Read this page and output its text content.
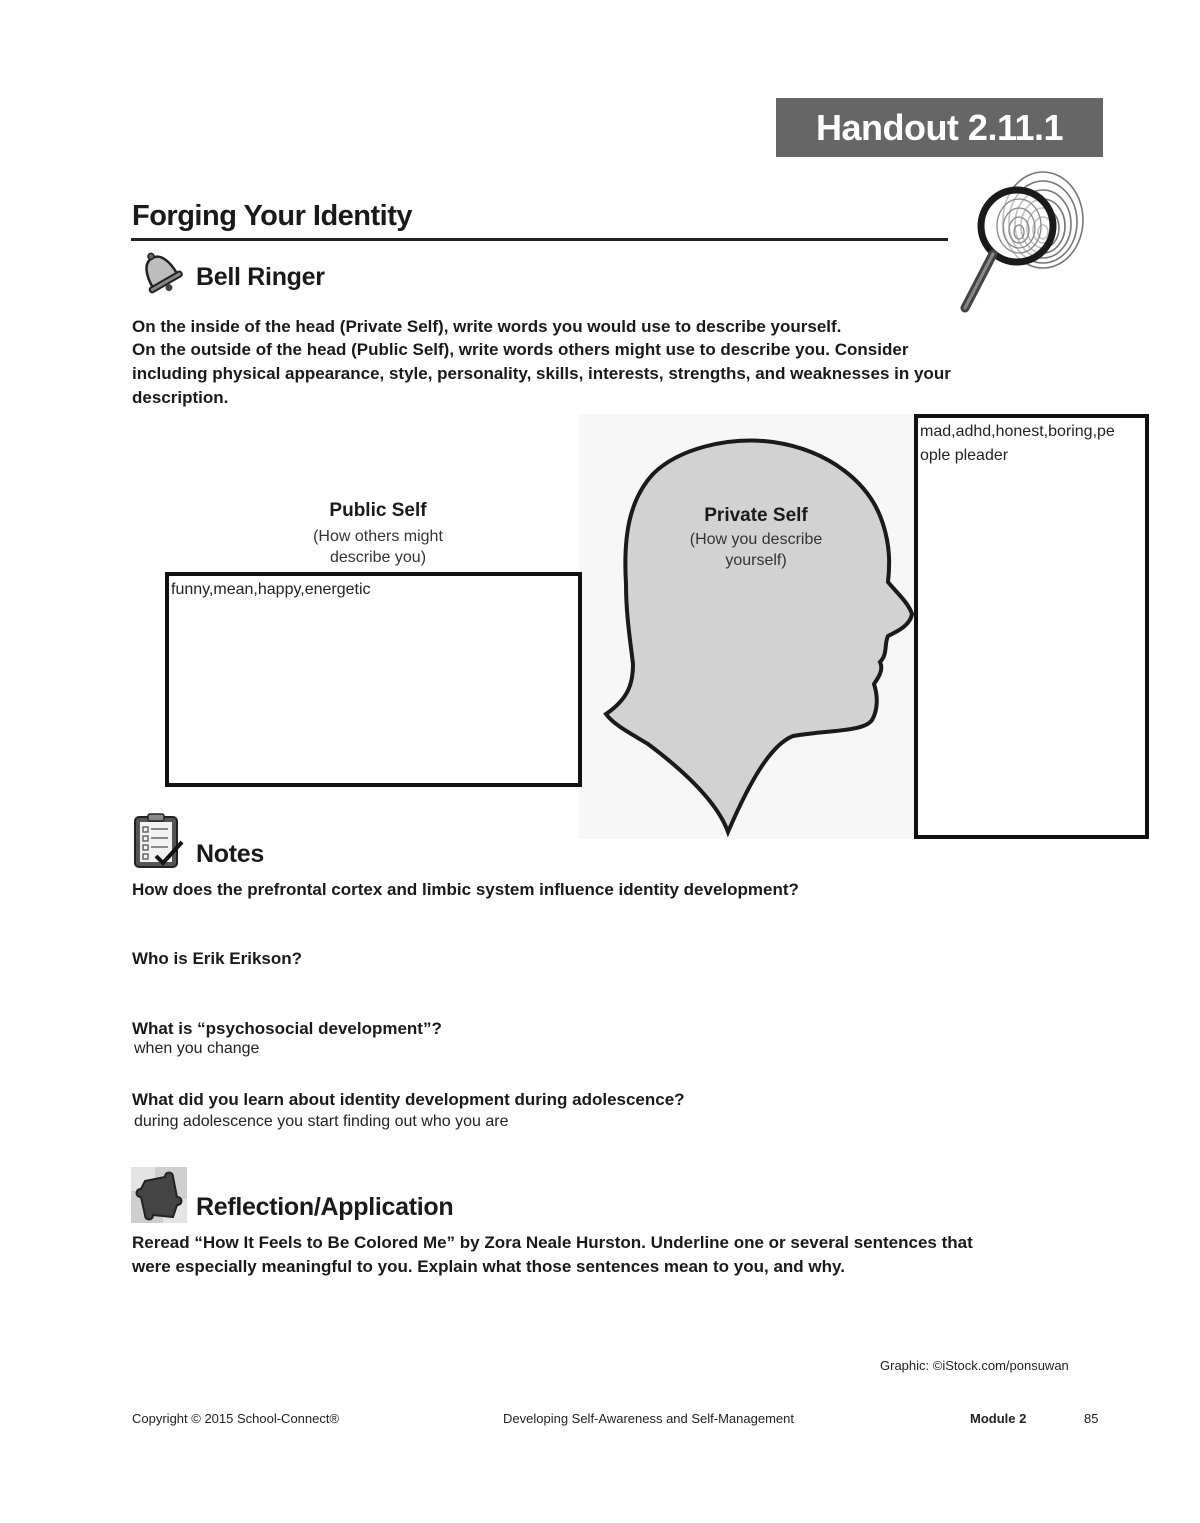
Handout 2.11.1
Forging Your Identity
Bell Ringer
On the inside of the head (Private Self), write words you would use to describe yourself.
On the outside of the head (Public Self), write words others might use to describe you. Consider
including physical appearance, style, personality, skills, interests, strengths, and weaknesses in your
description.
Public Self
(How others might
describe you)
funny,mean,happy,energetic
Private Self
(How you describe
yourself)
mad,adhd,honest,boring,pe
ople pleader
Notes
How does the prefrontal cortex and limbic system influence identity development?
Who is Erik Erikson?
What is “psychosocial development”?
when you change
What did you learn about identity development during adolescence?
during adolescence you start finding out who you are
Reflection/Application
Reread “How It Feels to Be Colored Me” by Zora Neale Hurston. Underline one or several sentences that
were especially meaningful to you. Explain what those sentences mean to you, and why.
Graphic: ©iStock.com/ponsuwan
Copyright © 2015 School-Connect®	Developing Self-Awareness and Self-Management	Module 2	85
